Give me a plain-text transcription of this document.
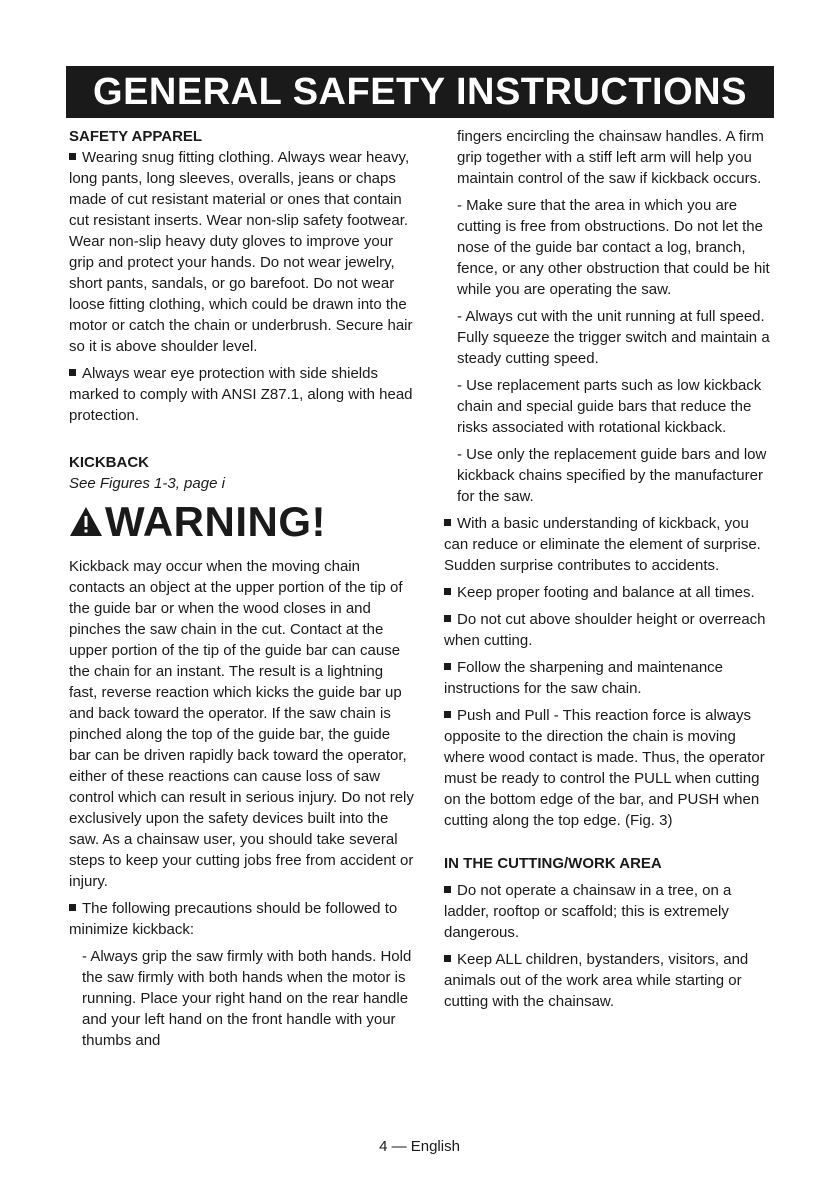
GENERAL SAFETY INSTRUCTIONS

SAFETY APPAREL

Wearing snug fitting clothing. Always wear heavy, long pants, long sleeves, overalls, jeans or chaps made of cut resistant material or ones that contain cut resistant inserts. Wear non-slip safety footwear. Wear non-slip heavy duty gloves to improve your grip and protect your hands. Do not wear jewelry, short pants, sandals, or go barefoot. Do not wear loose fitting clothing, which could be drawn into the motor or catch the chain or underbrush. Secure hair so it is above shoulder level.

Always wear eye protection with side shields marked to comply with ANSI Z87.1, along with head protection.

KICKBACK

See Figures 1-3, page i

WARNING!

Kickback may occur when the moving chain contacts an object at the upper portion of the tip of the guide bar or when the wood closes in and pinches the saw chain in the cut. Contact at the upper portion of the tip of the guide bar can cause the chain for an instant. The result is a lightning fast, reverse reaction which kicks the guide bar up and back toward the operator. If the saw chain is pinched along the top of the guide bar, the guide bar can be driven rapidly back toward the operator, either of these reactions can cause loss of saw control which can result in serious injury. Do not rely exclusively upon the safety devices built into the saw. As a chainsaw user, you should take several steps to keep your cutting jobs free from accident or injury.

The following precautions should be followed to minimize kickback:

- Always grip the saw firmly with both hands. Hold the saw firmly with both hands when the motor is running. Place your right hand on the rear handle and your left hand on the front handle with your thumbs and

fingers encircling the chainsaw handles. A firm grip together with a stiff left arm will help you maintain control of the saw if kickback occurs.

- Make sure that the area in which you are cutting is free from obstructions. Do not let the nose of the guide bar contact a log, branch, fence, or any other obstruction that could be hit while you are operating the saw.

- Always cut with the unit running at full speed. Fully squeeze the trigger switch and maintain a steady cutting speed.

- Use replacement parts such as low kickback chain and special guide bars that reduce the risks associated with rotational kickback.

- Use only the replacement guide bars and low kickback chains specified by the manufacturer for the saw.

With a basic understanding of kickback, you can reduce or eliminate the element of surprise. Sudden surprise contributes to accidents.

Keep proper footing and balance at all times.

Do not cut above shoulder height or overreach when cutting.

Follow the sharpening and maintenance instructions for the saw chain.

Push and Pull - This reaction force is always opposite to the direction the chain is moving where wood contact is made. Thus, the operator must be ready to control the PULL when cutting on the bottom edge of the bar, and PUSH when cutting along the top edge. (Fig. 3)

IN THE CUTTING/WORK AREA

Do not operate a chainsaw in a tree, on a ladder, rooftop or scaffold; this is extremely dangerous.

Keep ALL children, bystanders, visitors, and animals out of the work area while starting or cutting with the chainsaw.

4 — English
